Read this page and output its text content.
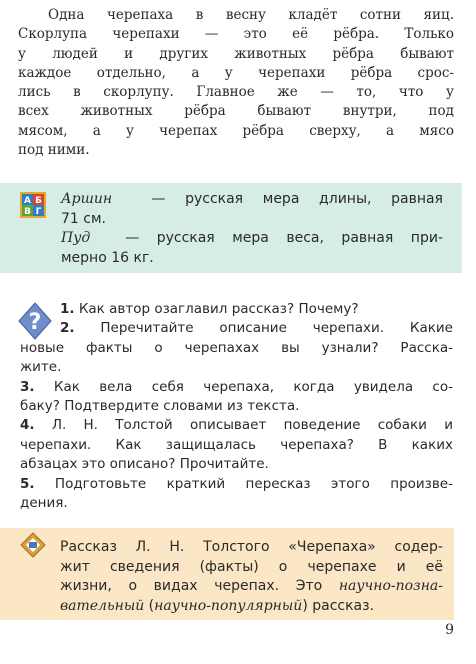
Одна черепаха в весну кладёт сотни яиц.
Скорлупа черепахи — это её рёбра. Только
у людей и других животных рёбра бывают
каждое отдельно, а у черепахи рёбра срос-
лись в скорлупу. Главное же — то, что у
всех животных рёбра бывают внутри, под
мясом, а у черепах рёбра сверху, а мясо
под ними.
А Б
В Г
Аршин	— русская мера длины, равная
71 см.
Пуд	— русская мера веса, равная при-
мерно 16 кг.
?
1. Как автор озаглавил рассказ? Почему?
2. Перечитайте описание черепахи. Какие
новые факты о черепахах вы узнали? Расска-
жите.
3. Как вела себя черепаха, когда увидела со-
баку? Подтвердите словами из текста.
4. Л. Н. Толстой описывает поведение собаки и
черепахи. Как защищалась черепаха? В каких
абзацах это описано? Прочитайте.
5. Подготовьте краткий пересказ этого произве-
дения.
Рассказ Л. Н. Толстого «Черепаха» содер-
жит сведения (факты) о черепахе и её
жизни, о видах черепах. Это научно-позна-
вательный (научно-популярный) рассказ.
9
